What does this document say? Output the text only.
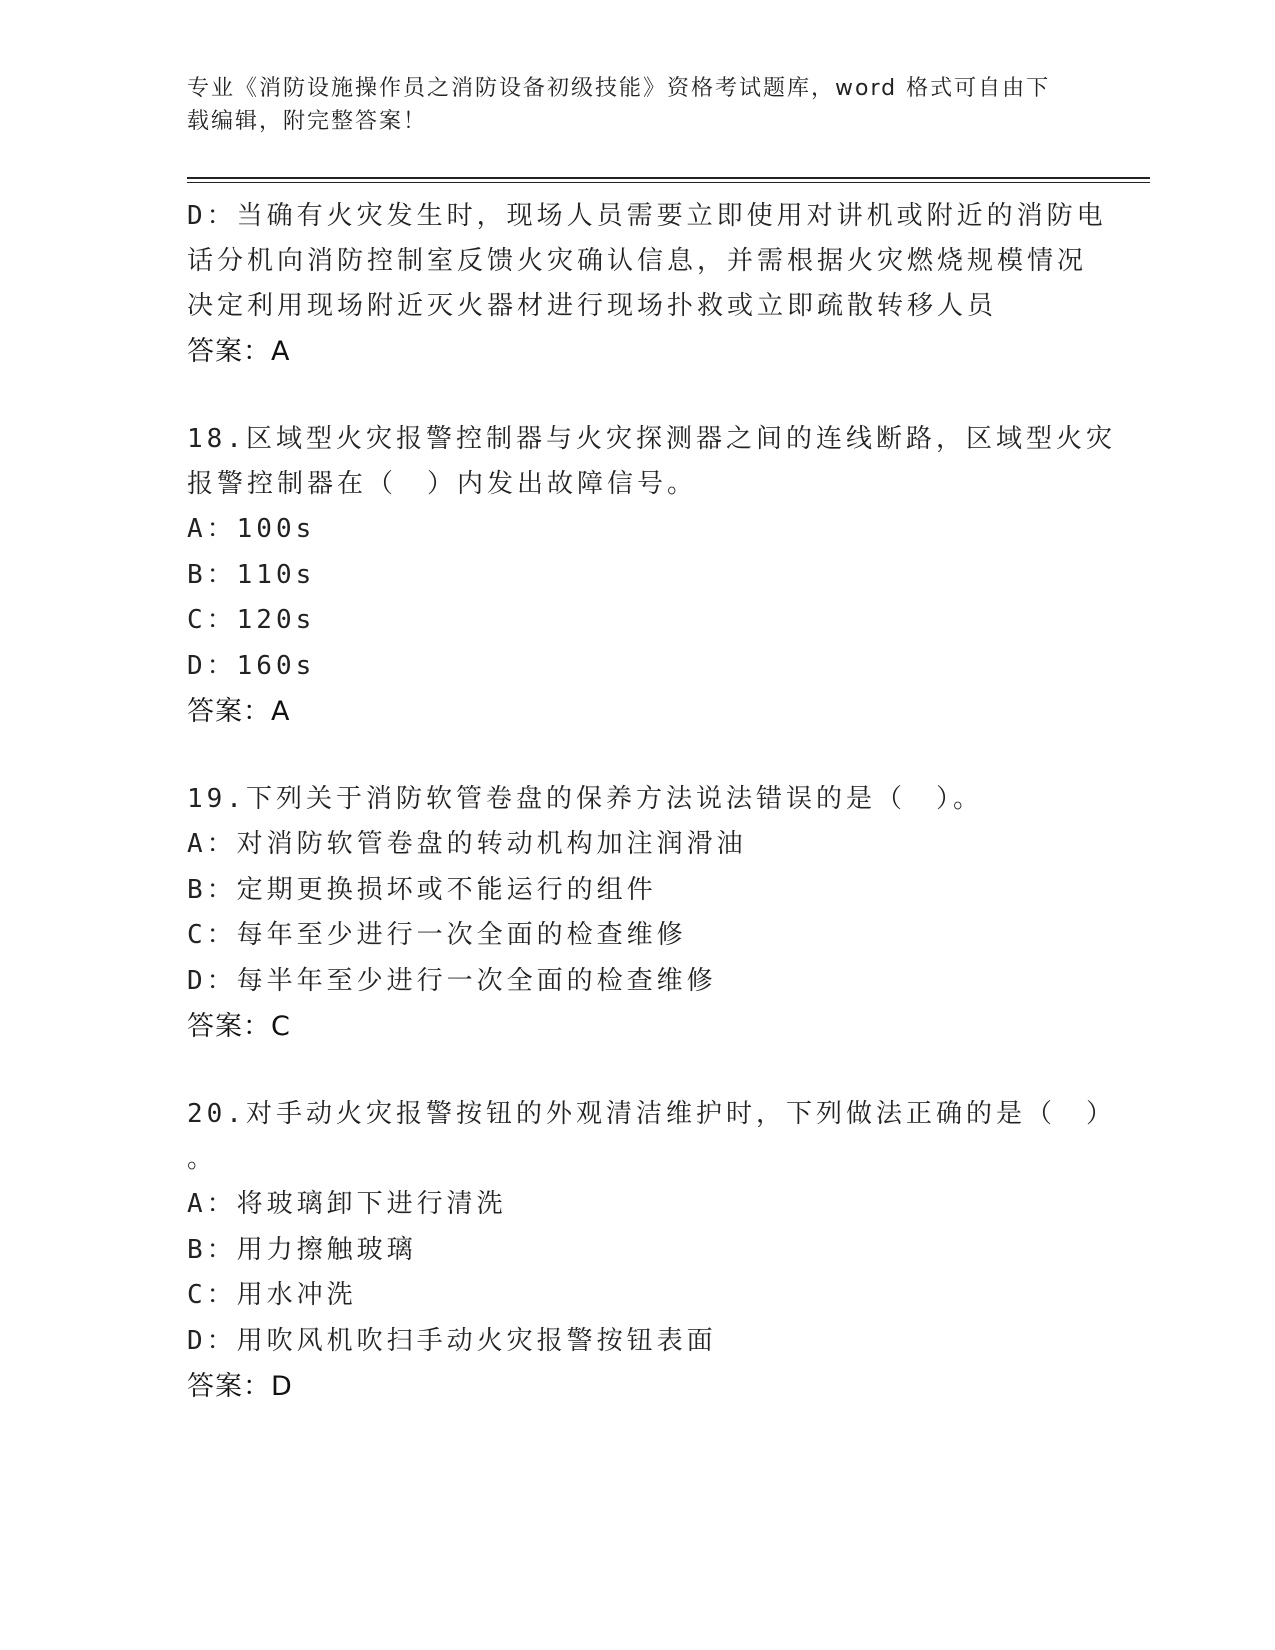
专业《消防设施操作员之消防设备初级技能》资格考试题库，word 格式可自由下
载编辑，附完整答案！
D：当确有火灾发生时，现场人员需要立即使用对讲机或附近的消防电
话分机向消防控制室反馈火灾确认信息，并需根据火灾燃烧规模情况
决定利用现场附近灭火器材进行现场扑救或立即疏散转移人员
答案：A
18.区域型火灾报警控制器与火灾探测器之间的连线断路，区域型火灾
报警控制器在（　）内发出故障信号。
A：100s
B：110s
C：120s
D：160s
答案：A
19.下列关于消防软管卷盘的保养方法说法错误的是（　）。
A：对消防软管卷盘的转动机构加注润滑油
B：定期更换损坏或不能运行的组件
C：每年至少进行一次全面的检查维修
D：每半年至少进行一次全面的检查维修
答案：C
20.对手动火灾报警按钮的外观清洁维护时，下列做法正确的是（　）
。
A：将玻璃卸下进行清洗
B：用力擦触玻璃
C：用水冲洗
D：用吹风机吹扫手动火灾报警按钮表面
答案：D
